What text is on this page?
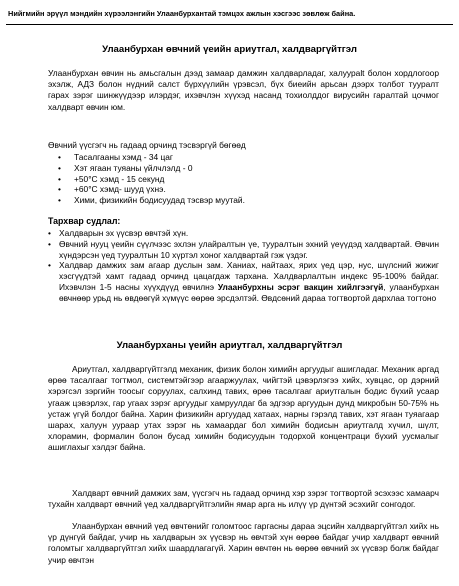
Нийгмийн эрүүл мэндийн хүрээлэнгийн Улаанбурхантай тэмцэх ажлын хэсгээс зөвлөж байна.
Улаанбурхан өвчний үеийн ариутгал, халдваргүйтгэл
Улаанбурхан өвчин нь амьсгалын дээд замаар дамжин халдварладаг, халуурalt болон хордлогоор эхэлж, АДЗ болон нүдний салст бүрхүүлийн үрэвсэл, бүх биеийн арьсан дээрх толбот тууралт гарах зэрэг шинжүүдээр илэрдэг, ихэвчлэн хүүхэд насанд тохиолддог вирусийн гаралтай цочмог халдварт өвчин юм.
Өвчний үүсгэгч нь гадаад орчинд тэсвэргүй бөгөөд
• Тасалгааны хэмд - 34 цаг
• Хэт ягаан туяаны үйлчлэлд - 0
• +50°C хэмд - 15 секунд
• +60°C хэмд- шууд үхнэ.
• Хими, физикийн бодисуудад тэсвэр муутай.
Тархвар судлал:
• Халдварын эх үүсвэр өвчтэй хүн.
• Өвчний нууц үеийн сүүлчээс эхлэн улайралтын үе, тууралтын эхний үеүүдэд халдвартай. Өвчин хүндэрсэн үед тууралтын 10 хүртэл хоног халдвартай гэж үздэг.
• Халдвар дамжих зам агаар дуслын зам. Ханиах, найтаах, ярих үед цэр, нус, шүлсний жижиг хэсгүүдтэй хамт гадаад орчинд цацагдаж тархана. Халдварлалтын индекс 95-100% байдаг. Ихэвчлэн 1-5 насны хүүхдүүд өвчилнэ Улаанбурхны эсрэг вакцин хийлгээгүй, улаанбурхан өвчнөөр урьд нь өвдөөгүй хүмүүс өөрөө эрсдэлтэй. Өвдсөний дараа тогтвортой дархлаа тогтоно
Улаанбурханы үеийн ариутгал, халдваргүйтгэл
Ариутгал, халдваргүйтгэлд механик, физик болон химийн аргуудыг ашигладаг. Механик аргад өрөө тасалгааг тогтмол, системтэйгээр агааржуулах, чийгтэй цэвэрлэгээ хийх, хувцас, ор дэрний хэрэгсэл зэргийн тоосыг соруулах, салхинд тавих, өрөө тасалгааг ариутгалын бодис бүхий усаар угааж цэвэрлэх, гар угаах зэрэг аргуудыг хамруулдаг ба эдгээр аргуудын дунд микробын 50-75% нь устаж үгүй болдог байна. Харин физикийн аргуудад хатаах, нарны гэрэлд тавих, хэт ягаан туяагаар шарах, халуун уураар утах зэрэг нь хамаардаг бол химийн бодисын ариутгалд хүчил, шүлт, хлорамин, формалин болон бусад химийн бодисуудын тодорхой концентраци бүхий уусмалыг ашиглахыг хэлдэг байна.
Халдварт өвчний дамжих зам, үүсгэгч нь гадаад орчинд хэр зэрэг тогтвортой эсэхээс хамаарч тухайн халдварт өвчний үед халдваргүйтгэлийн ямар арга нь илүү үр дүнтэй эсэхийг сонгодог.
Улаанбурхан өвчний үед өвчтөнийг голомтоос гаргасны дараа эцсийн халдваргүйтгэл хийх нь үр дүнгүй байдаг, учир нь халдварын эх үүсвэр нь өвчтэй хүн өөрөө байдаг учир халдварт өвчний голомтыг халдваргүйтгэл хийх шаардлагагүй. Харин өвчтөн нь өөрөө өвчний эх үүсвэр болж байдаг учир өвчтэн
